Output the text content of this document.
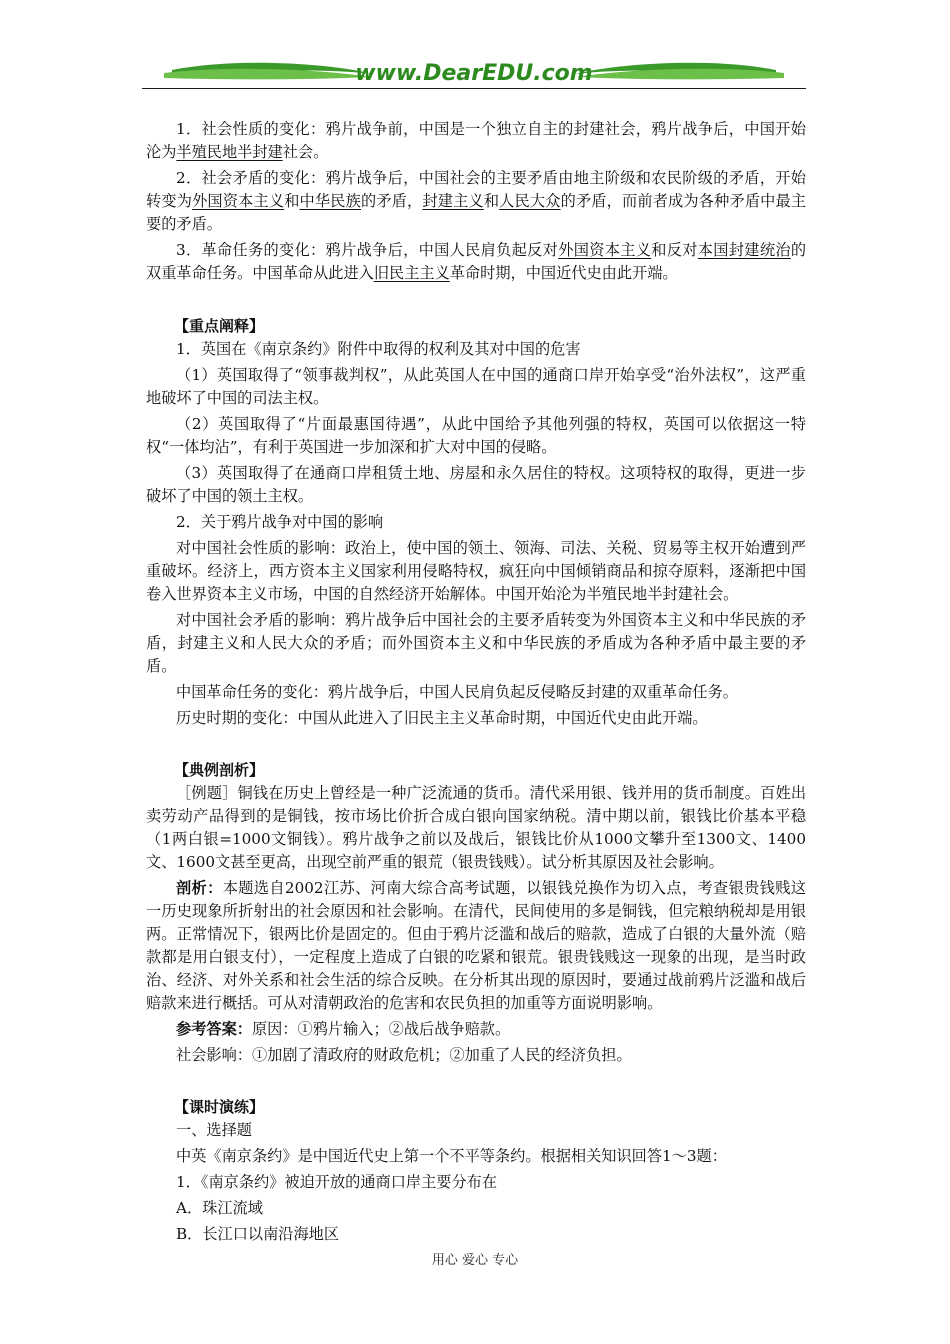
www.DearEDU.com

1．社会性质的变化：鸦片战争前，中国是一个独立自主的封建社会，鸦片战争后，中国开始沦为半殖民地半封建社会。

2．社会矛盾的变化：鸦片战争后，中国社会的主要矛盾由地主阶级和农民阶级的矛盾，开始转变为外国资本主义和中华民族的矛盾，封建主义和人民大众的矛盾，而前者成为各种矛盾中最主要的矛盾。

3．革命任务的变化：鸦片战争后，中国人民肩负起反对外国资本主义和反对本国封建统治的双重革命任务。中国革命从此进入旧民主主义革命时期，中国近代史由此开端。

【重点阐释】

1．英国在《南京条约》附件中取得的权利及其对中国的危害

（1）英国取得了“领事裁判权”，从此英国人在中国的通商口岸开始享受“治外法权”，这严重地破坏了中国的司法主权。

（2）英国取得了“片面最惠国待遇”，从此中国给予其他列强的特权，英国可以依据这一特权“一体均沾”，有利于英国进一步加深和扩大对中国的侵略。

（3）英国取得了在通商口岸租赁土地、房屋和永久居住的特权。这项特权的取得，更进一步破坏了中国的领土主权。

2．关于鸦片战争对中国的影响

对中国社会性质的影响：政治上，使中国的领土、领海、司法、关税、贸易等主权开始遭到严重破坏。经济上，西方资本主义国家利用侵略特权，疯狂向中国倾销商品和掠夺原料，逐渐把中国卷入世界资本主义市场，中国的自然经济开始解体。中国开始沦为半殖民地半封建社会。

对中国社会矛盾的影响：鸦片战争后中国社会的主要矛盾转变为外国资本主义和中华民族的矛盾，封建主义和人民大众的矛盾；而外国资本主义和中华民族的矛盾成为各种矛盾中最主要的矛盾。

中国革命任务的变化：鸦片战争后，中国人民肩负起反侵略反封建的双重革命任务。

历史时期的变化：中国从此进入了旧民主主义革命时期，中国近代史由此开端。

【典例剖析】

［例题］铜钱在历史上曾经是一种广泛流通的货币。清代采用银、钱并用的货币制度。百姓出卖劳动产品得到的是铜钱，按市场比价折合成白银向国家纳税。清中期以前，银钱比价基本平稳（1两白银=1000文铜钱）。鸦片战争之前以及战后，银钱比价从1000文攀升至1300文、1400文、1600文甚至更高，出现空前严重的银荒（银贵钱贱）。试分析其原因及社会影响。

剖析：本题选自2002江苏、河南大综合高考试题，以银钱兑换作为切入点，考查银贵钱贱这一历史现象所折射出的社会原因和社会影响。在清代，民间使用的多是铜钱，但完粮纳税却是用银两。正常情况下，银两比价是固定的。但由于鸦片泛滥和战后的赔款，造成了白银的大量外流（赔款都是用白银支付），一定程度上造成了白银的吃紧和银荒。银贵钱贱这一现象的出现，是当时政治、经济、对外关系和社会生活的综合反映。在分析其出现的原因时，要通过战前鸦片泛滥和战后赔款来进行概括。可从对清朝政治的危害和农民负担的加重等方面说明影响。

参考答案：原因：①鸦片输入；②战后战争赔款。

社会影响：①加剧了清政府的财政危机；②加重了人民的经济负担。

【课时演练】

一、选择题

中英《南京条约》是中国近代史上第一个不平等条约。根据相关知识回答1～3题：

1．《南京条约》被迫开放的通商口岸主要分布在

A．珠江流域

B．长江口以南沿海地区

用心 爱心 专心
